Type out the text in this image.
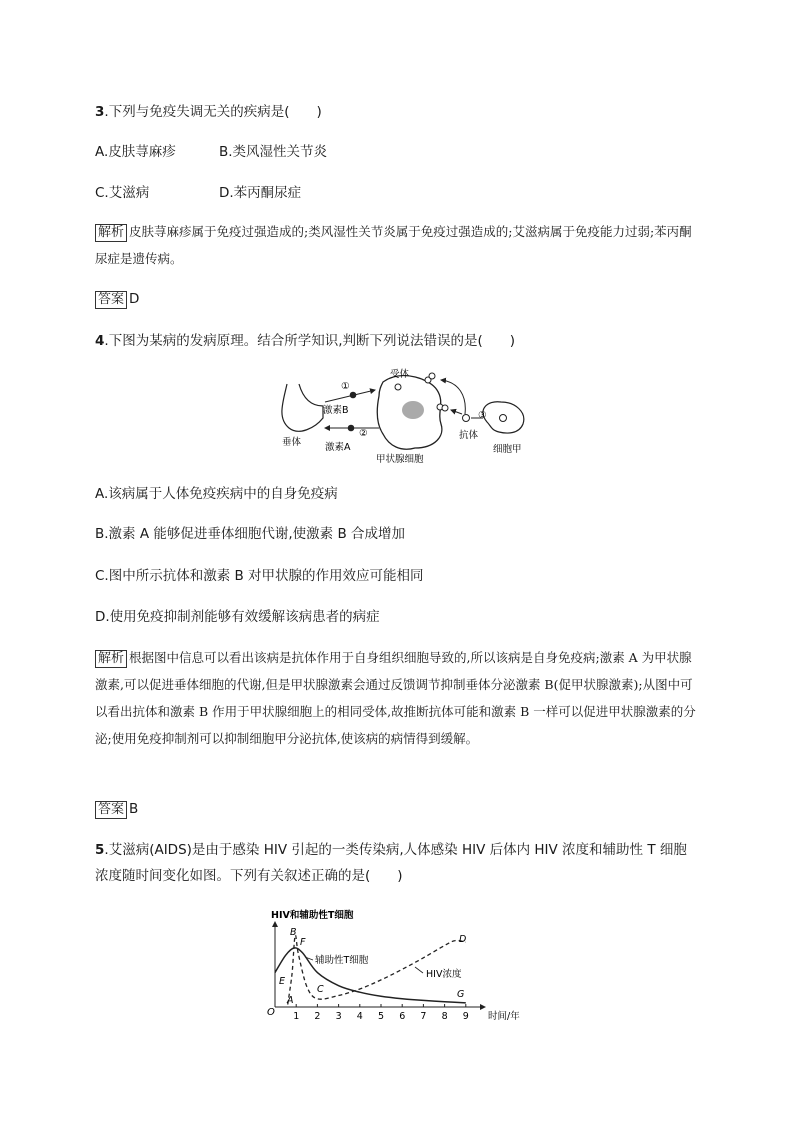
3.下列与免疫失调无关的疾病是(　　)
A.皮肤荨麻疹	B.类风湿性关节炎
C.艾滋病	D.苯丙酮尿症
解析 皮肤荨麻疹属于免疫过强造成的;类风湿性关节炎属于免疫过强造成的;艾滋病属于免疫能力过弱;苯丙酮尿症是遗传病。
答案 D
4.下图为某病的发病原理。结合所学知识,判断下列说法错误的是(　　)
受体
①
激素B
垂体
②
激素A
甲状腺细胞
③
抗体
细胞甲
A.该病属于人体免疫疾病中的自身免疫病
B.激素 A 能够促进垂体细胞代谢,使激素 B 合成增加
C.图中所示抗体和激素 B 对甲状腺的作用效应可能相同
D.使用免疫抑制剂能够有效缓解该病患者的病症
解析 根据图中信息可以看出该病是抗体作用于自身组织细胞导致的,所以该病是自身免疫病;激素 A 为甲状腺激素,可以促进垂体细胞的代谢,但是甲状腺激素会通过反馈调节抑制垂体分泌激素 B(促甲状腺激素);从图中可以看出抗体和激素 B 作用于甲状腺细胞上的相同受体,故推断抗体可能和激素 B 一样可以促进甲状腺激素的分泌;使用免疫抑制剂可以抑制细胞甲分泌抗体,使该病的病情得到缓解。
答案 B
5.艾滋病(AIDS)是由于感染 HIV 引起的一类传染病,人体感染 HIV 后体内 HIV 浓度和辅助性 T 细胞
浓度随时间变化如图。下列有关叙述正确的是(　　)
HIV和辅助性T细胞
时间/年
O 1 2 3 4 5 6 7 8 9
A
B
C
D
E
F
G
辅助性T细胞
HIV浓度
